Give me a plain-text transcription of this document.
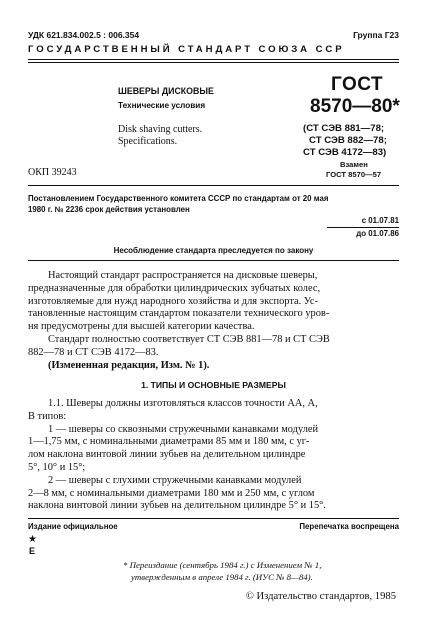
УДК 621.834.002.5 : 006.354	Группа Г23
ГОСУДАРСТВЕННЫЙ СТАНДАРТ СОЮЗА ССР
ШЕВЕРЫ ДИСКОВЫЕ
Технические условия
Disk shaving cutters.
Specifications.
ОКП 39243
ГОСТ
8570—80*
(СТ СЭВ 881—78;
СТ СЭВ 882—78;
СТ СЭВ 4172—83)
Взамен
ГОСТ 8570—57
Постановлением Государственного комитета СССР по стандартам от 20 мая
1980 г. № 2236 срок действия установлен
с 01.07.81
до 01.07.86
Несоблюдение стандарта преследуется по закону
Настоящий стандарт распространяется на дисковые шеверы,
предназначенные для обработки цилиндрических зубчатых колес,
изготовляемые для нужд народного хозяйства и для экспорта. Ус-
тановленные настоящим стандартом показатели технического уров-
ня предусмотрены для высшей категории качества.
Стандарт полностью соответствует СТ СЭВ 881—78 и СТ СЭВ
882—78 и СТ СЭВ 4172—83.
(Измененная редакция, Изм. № 1).
1. ТИПЫ И ОСНОВНЫЕ РАЗМЕРЫ
1.1. Шеверы должны изготовляться классов точности АА, А,
В типов:
1 — шеверы со сквозными стружечными канавками модулей
1—1,75 мм, с номинальными диаметрами 85 мм и 180 мм, с уг-
лом наклона винтовой линии зубьев на делительном цилиндре
5°, 10° и 15°;
2 — шеверы с глухими стружечными канавками модулей
2—8 мм, с номинальными диаметрами 180 мм и 250 мм, с углом
наклона винтовой линии зубьев на делительном цилиндре 5° и 15°.
Издание официальное	Перепечатка воспрещена
★
E
* Переиздание (сентябрь 1984 г.) с Изменением № 1,
утвержденным в апреле 1984 г. (ИУС № 8—84).
© Издательство стандартов, 1985
